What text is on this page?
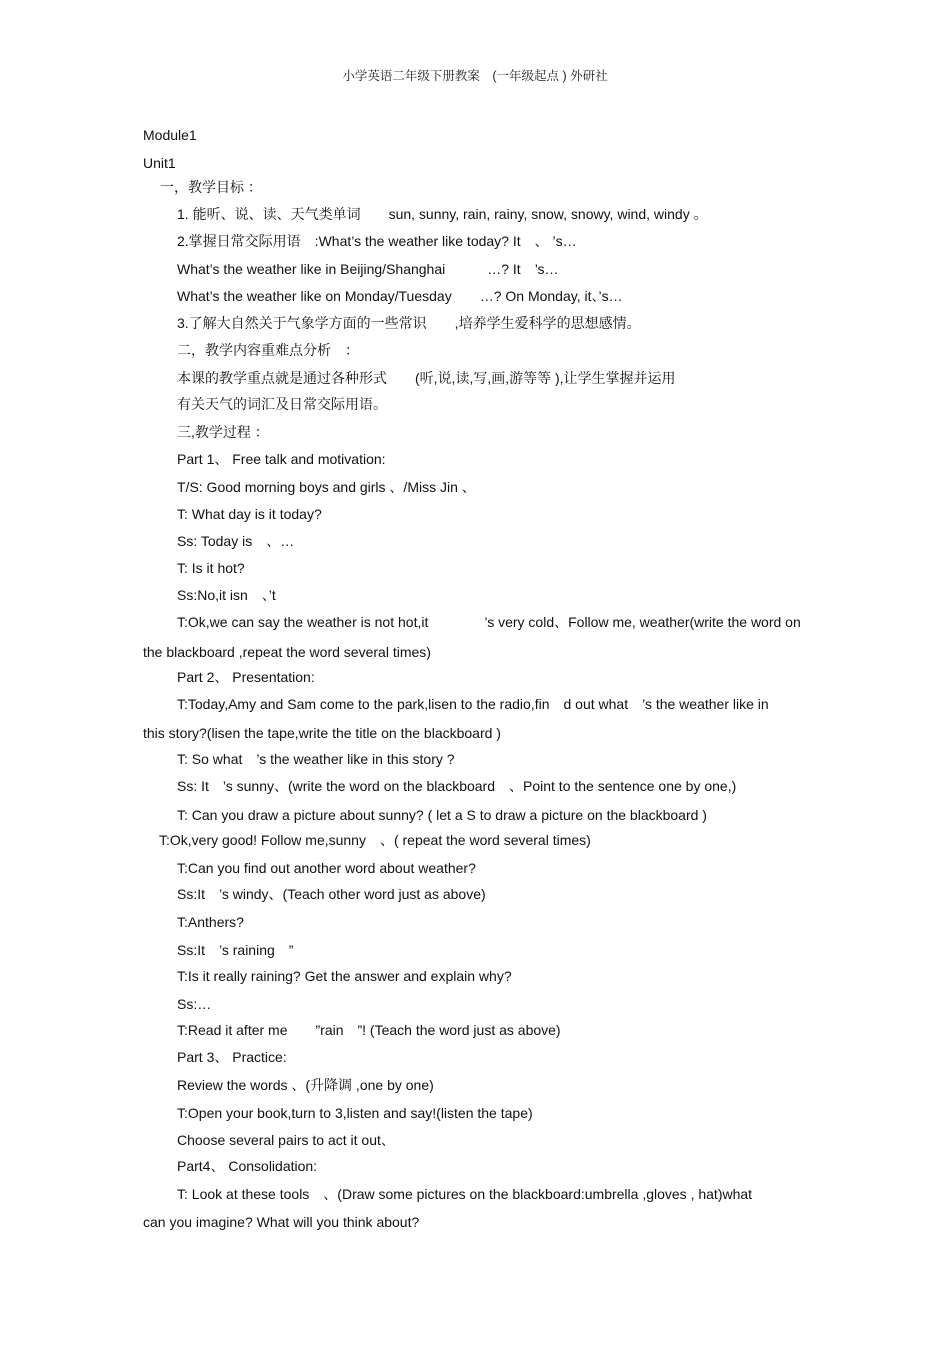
小学英语二年级下册教案　(一年级起点 ) 外研社

Module1

Unit1

一，教学目标 ：

1. 能听、说、读、天气类单词　　sun, sunny, rain, rainy, snow, snowy, wind, windy 。

2.掌握日常交际用语　:What’s the weather like today? It　、 ’s…

What’s the weather like in Beijing/Shanghai　　　…? It　’s…

What’s the weather like on Monday/Tuesday　　…? On Monday, it、’s…

3.了解大自然关于气象学方面的一些常识　　,培养学生爱科学的思想感情。

二，教学内容重难点分析　：

本课的教学重点就是通过各种形式　　(听,说,读,写,画,游等等 ),让学生掌握并运用

有关天气的词汇及日常交际用语。

三,教学过程 ：

Part 1、 Free talk and motivation:

T/S: Good morning boys and girls 、/Miss Jin 、

T: What day is it today?

Ss: Today is　、…

T: Is it hot?

Ss:No,it isn　、’t

T:Ok,we can say the weather is not hot,it　　　　’s very cold、Follow me, weather(write the word on

the blackboard ,repeat the word several times)

Part 2、 Presentation:

T:Today,Amy and Sam come to the park,lisen to the radio,fin　d out what　’s the weather like in

this story?(lisen the tape,write the title on the blackboard )

T: So what　’s the weather like in this story ?

Ss: It　’s sunny、(write the word on the blackboard　、Point to the sentence one by one,)

T: Can you draw a picture about sunny? ( let a S to draw a picture on the blackboard )

T:Ok,very good! Follow me,sunny　、( repeat the word several times)

T:Can you find out another word about weather?

Ss:It　’s windy、(Teach other word just as above)

T:Anthers?

Ss:It　’s raining　”

T:Is it really raining? Get the answer and explain why?

Ss:…

T:Read it after me　　”rain　”! (Teach the word just as above)

Part 3、 Practice:

Review the words 、(升降调 ,one by one)

T:Open your book,turn to 3,listen and say!(listen the tape)

Choose several pairs to act it out、

Part4、 Consolidation:

T: Look at these tools　、(Draw some pictures on the blackboard:umbrella ,gloves , hat)what

can you imagine? What will you think about?
